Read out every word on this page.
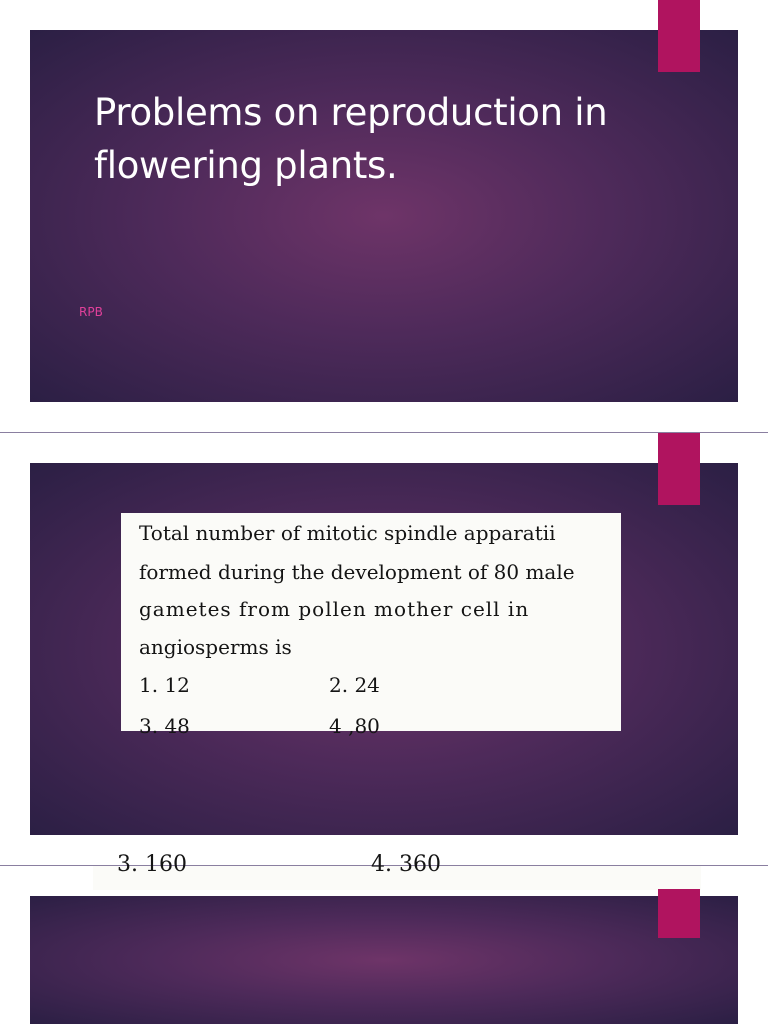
Problems on reproduction in flowering plants.
RPB

Total number of mitotic spindle apparatii

formed during the development of 80 male

gametes from pollen mother cell in

angiosperms is

1. 12	2. 24

3. 48	4 ,80

3. 160	4. 360
